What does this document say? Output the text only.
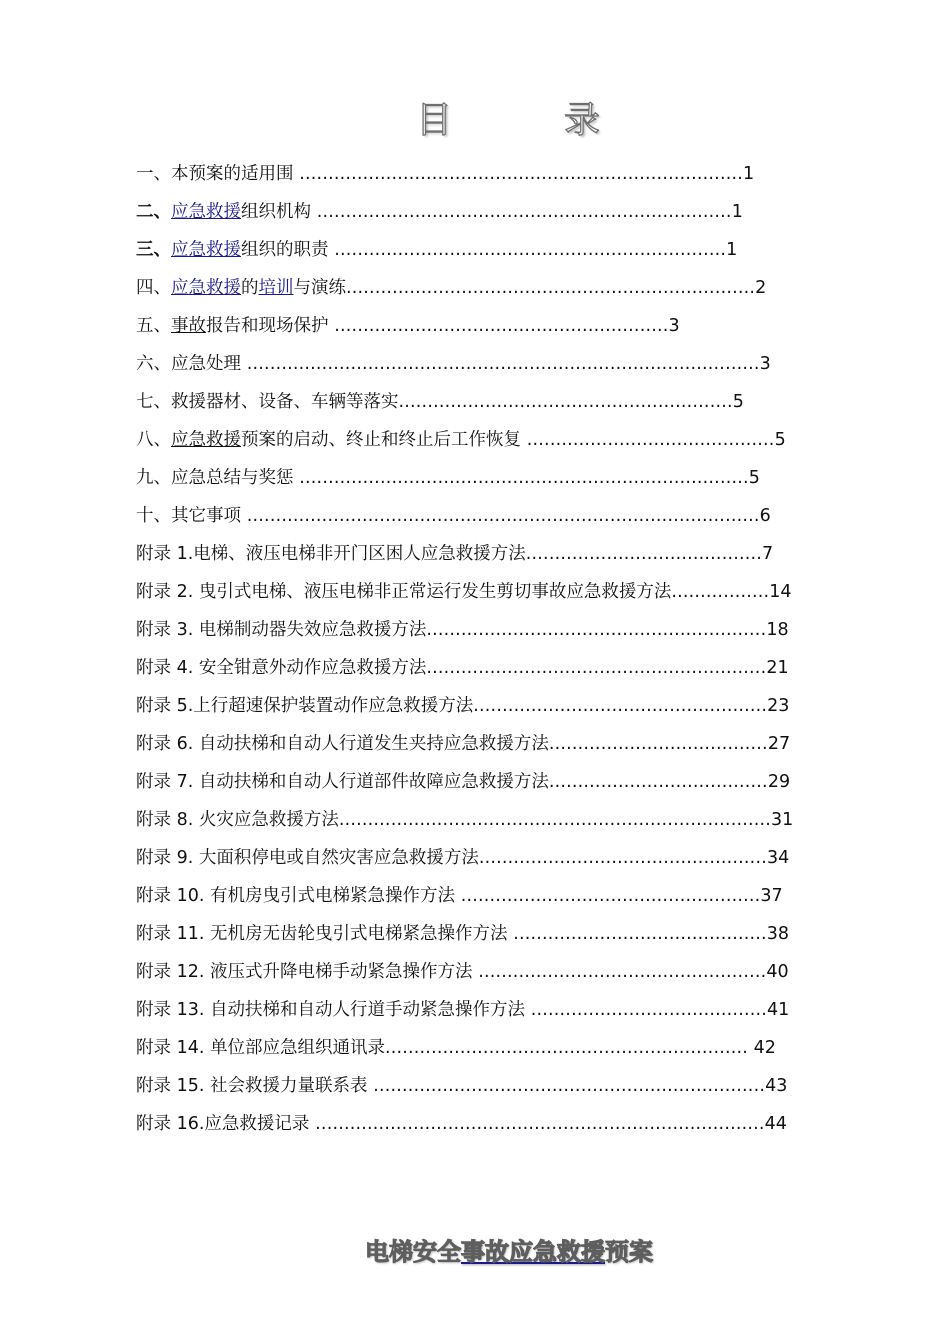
目　录
一、本预案的适用围 .............................................................................1
二、应急救援组织机构 ........................................................................1
三、应急救援组织的职责 ....................................................................1
四、应急救援的培训与演练.......................................................................2
五、事故报告和现场保护 ..........................................................3
六、应急处理 .........................................................................................3
七、救援器材、设备、车辆等落实..........................................................5
八、应急救援预案的启动、终止和终止后工作恢复 ...........................................5
九、应急总结与奖惩 ..............................................................................5
十、其它事项 .........................................................................................6
附录 1.电梯、液压电梯非开门区困人应急救援方法.........................................7
附录 2. 曳引式电梯、液压电梯非正常运行发生剪切事故应急救援方法.................14
附录 3. 电梯制动器失效应急救援方法...........................................................18
附录 4. 安全钳意外动作应急救援方法...........................................................21
附录 5.上行超速保护装置动作应急救援方法...................................................23
附录 6. 自动扶梯和自动人行道发生夹持应急救援方法......................................27
附录 7. 自动扶梯和自动人行道部件故障应急救援方法......................................29
附录 8. 火灾应急救援方法...........................................................................31
附录 9. 大面积停电或自然灾害应急救援方法..................................................34
附录 10. 有机房曳引式电梯紧急操作方法 ....................................................37
附录 11. 无机房无齿轮曳引式电梯紧急操作方法 ............................................38
附录 12. 液压式升降电梯手动紧急操作方法 ..................................................40
附录 13. 自动扶梯和自动人行道手动紧急操作方法 .........................................41
附录 14. 单位部应急组织通讯录............................................................... 42
附录 15. 社会救援力量联系表 ....................................................................43
附录 16.应急救援记录 ..............................................................................44
电梯安全事故应急救援预案
